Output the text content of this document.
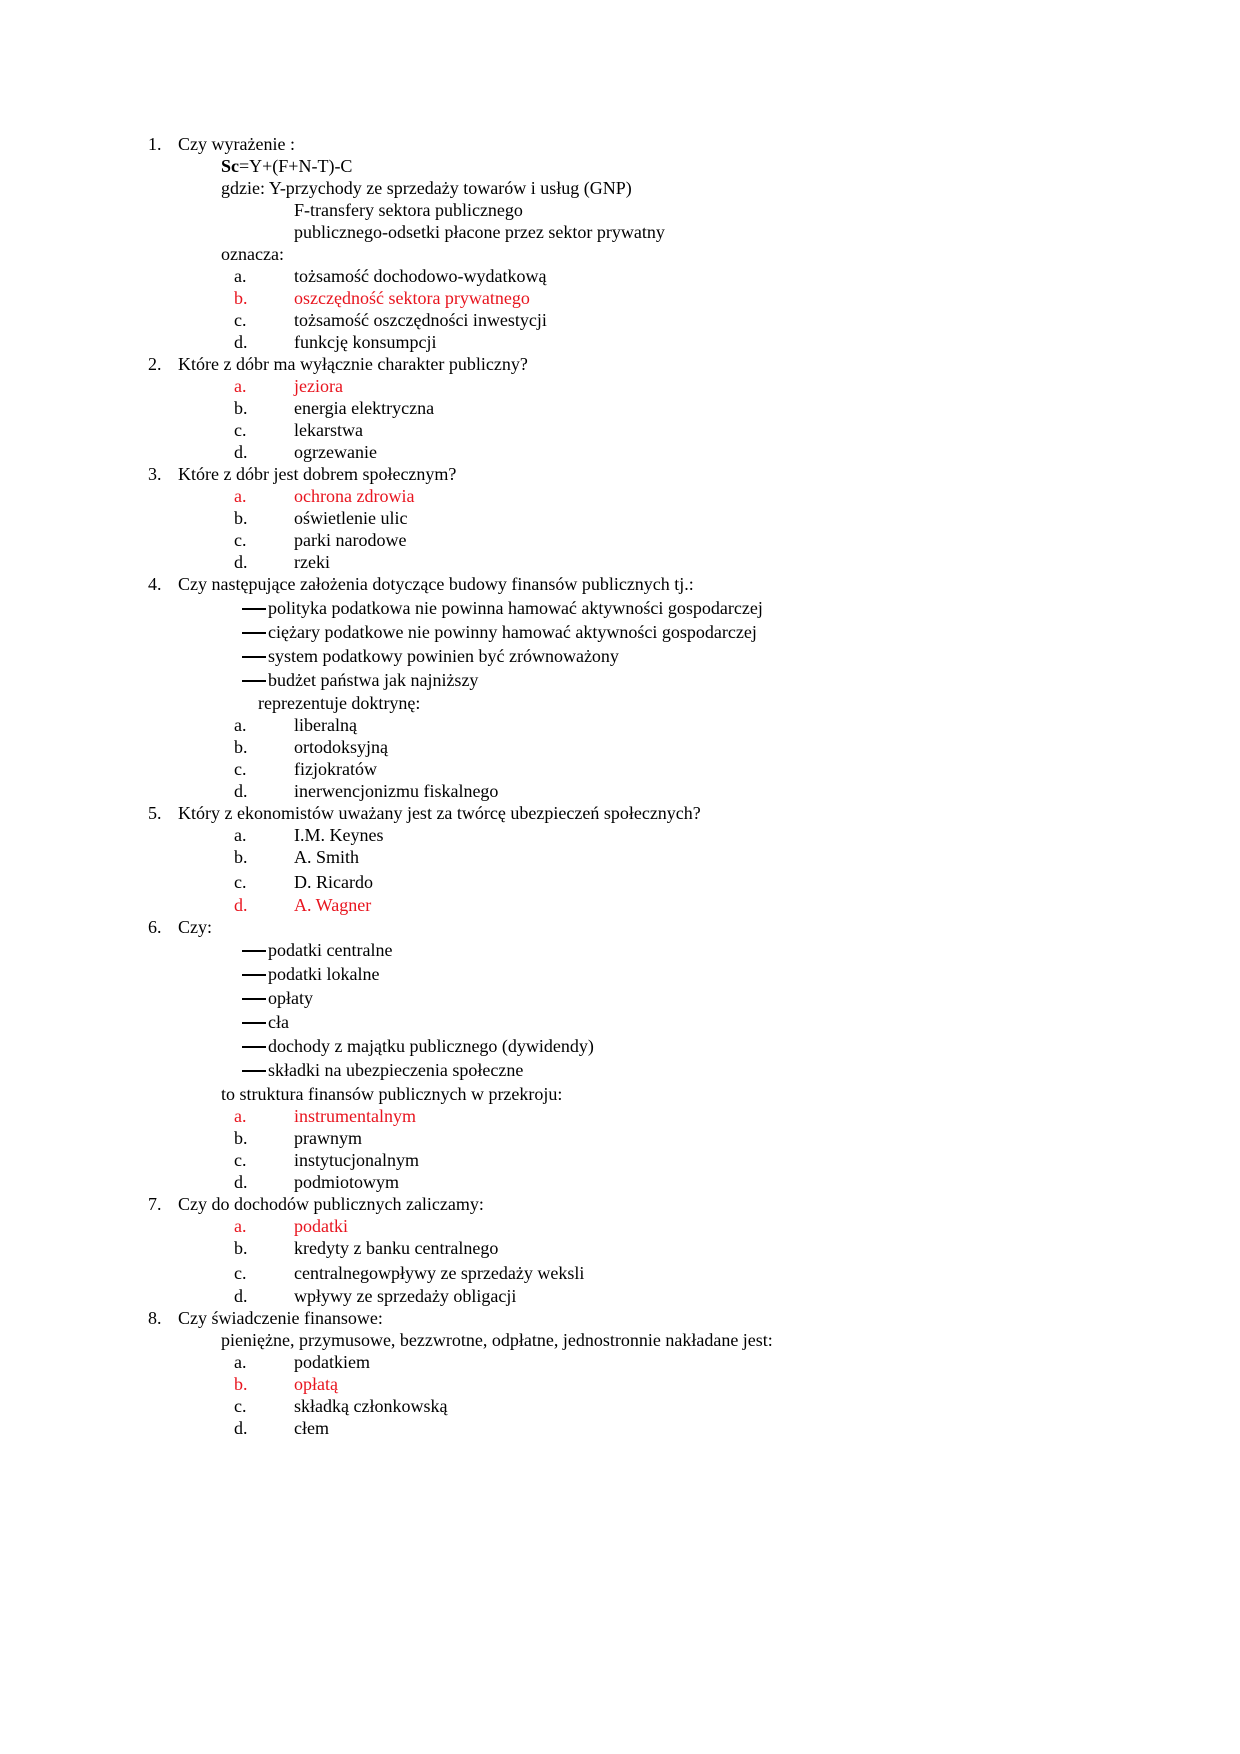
1. Czy wyrażenie :
Sc=Y+(F+N-T)-C
gdzie: Y-przychody ze sprzedaży towarów i usług (GNP)
F-transfery sektora publicznego
publicznego-odsetki płacone przez sektor prywatny
oznacza:
a.	tożsamość dochodowo-wydatkową
b.	oszczędność sektora prywatnego
c.	tożsamość oszczędności inwestycji
d.	funkcję konsumpcji
2. Które z dóbr ma wyłącznie charakter publiczny?
a.	jeziora
b.	energia elektryczna
c.	lekarstwa
d.	ogrzewanie
3. Które z dóbr jest dobrem społecznym?
a.	ochrona zdrowia
b.	oświetlenie ulic
c.	parki narodowe
d.	rzeki
4. Czy następujące założenia dotyczące budowy finansów publicznych tj.:
polityka podatkowa nie powinna hamować aktywności gospodarczej
ciężary podatkowe nie powinny hamować aktywności gospodarczej
system podatkowy powinien być zrównoważony
budżet państwa jak najniższy
reprezentuje doktrynę:
a.	liberalną
b.	ortodoksyjną
c.	fizjokratów
d.	inerwencjonizmu fiskalnego
5. Który z ekonomistów uważany jest za twórcę ubezpieczeń społecznych?
a.	I.M. Keynes
b.	A. Smith
c.	D. Ricardo
d.	A. Wagner
6. Czy:
podatki centralne
podatki lokalne
opłaty
cła
dochody z majątku publicznego (dywidendy)
składki na ubezpieczenia społeczne
to struktura finansów publicznych w przekroju:
a.	instrumentalnym
b.	prawnym
c.	instytucjonalnym
d.	podmiotowym
7. Czy do dochodów publicznych zaliczamy:
a.	podatki
b.	kredyty z banku centralnego
c.	centralnegowpływy ze sprzedaży weksli
d.	wpływy ze sprzedaży obligacji
8. Czy świadczenie finansowe:
pieniężne, przymusowe, bezzwrotne, odpłatne, jednostronnie nakładane jest:
a.	podatkiem
b.	opłatą
c.	składką członkowską
d.	cłem
